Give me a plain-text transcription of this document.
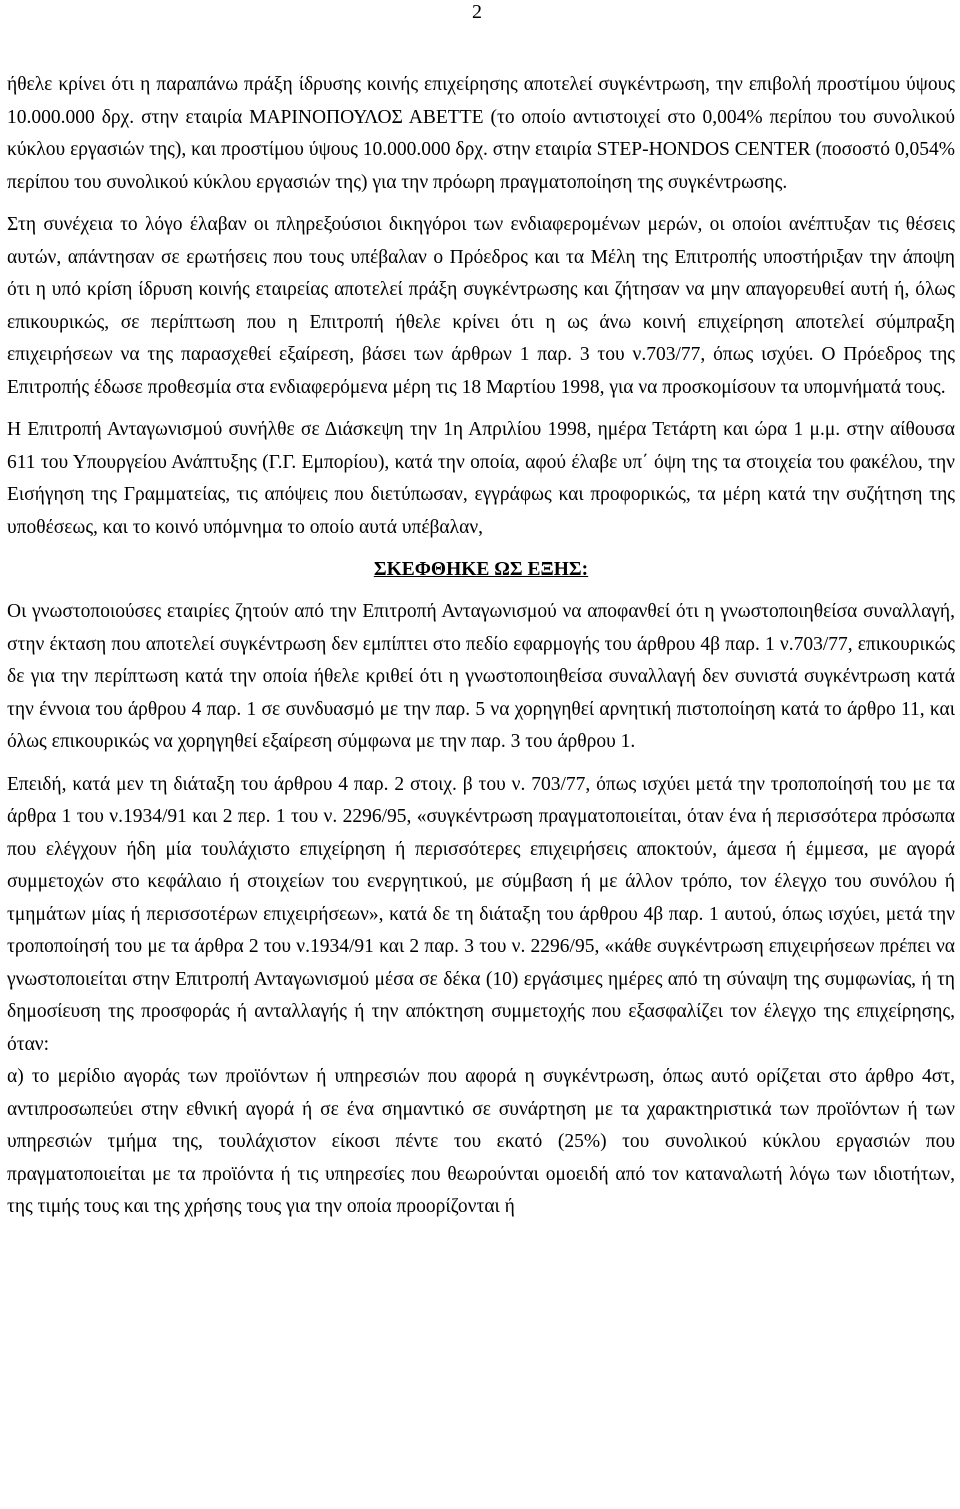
2

ήθελε κρίνει ότι η παραπάνω πράξη ίδρυσης κοινής επιχείρησης αποτελεί συγκέντρωση, την επιβολή προστίμου ύψους 10.000.000 δρχ. στην εταιρία ΜΑΡΙΝΟΠΟΥΛΟΣ ΑΒΕΤΤΕ (το οποίο αντιστοιχεί στο 0,004% περίπου του συνολικού κύκλου εργασιών της), και προστίμου ύψους 10.000.000 δρχ. στην εταιρία STEP-HONDOS CENTER (ποσοστό 0,054% περίπου του συνολικού κύκλου εργασιών της) για την πρόωρη πραγματοποίηση της συγκέντρωσης.

Στη συνέχεια το λόγο έλαβαν οι πληρεξούσιοι δικηγόροι των ενδιαφερομένων μερών, οι οποίοι ανέπτυξαν τις θέσεις αυτών, απάντησαν σε ερωτήσεις που τους υπέβαλαν ο Πρόεδρος και τα Μέλη της Επιτροπής υποστήριξαν την άποψη ότι η υπό κρίση ίδρυση κοινής εταιρείας αποτελεί πράξη συγκέντρωσης και ζήτησαν να μην απαγορευθεί αυτή ή, όλως επικουρικώς, σε περίπτωση που η Επιτροπή ήθελε κρίνει ότι η ως άνω κοινή επιχείρηση αποτελεί σύμπραξη επιχειρήσεων να της παρασχεθεί εξαίρεση, βάσει των άρθρων 1 παρ. 3 του ν.703/77, όπως ισχύει. Ο Πρόεδρος της Επιτροπής έδωσε προθεσμία στα ενδιαφερόμενα μέρη τις 18 Μαρτίου 1998, για να προσκομίσουν τα υπομνήματά τους.

Η Επιτροπή Ανταγωνισμού συνήλθε σε Διάσκεψη την 1η Απριλίου 1998, ημέρα Τετάρτη και ώρα 1 μ.μ. στην αίθουσα 611 του Υπουργείου Ανάπτυξης (Γ.Γ. Εμπορίου), κατά την οποία, αφού έλαβε υπ΄ όψη της τα στοιχεία του φακέλου, την Εισήγηση της Γραμματείας, τις απόψεις που διετύπωσαν, εγγράφως και προφορικώς, τα μέρη κατά την συζήτηση της υποθέσεως, και το κοινό υπόμνημα το οποίο αυτά υπέβαλαν,

ΣΚΕΦΘΗΚΕ ΩΣ ΕΞΗΣ:

Οι γνωστοποιούσες εταιρίες ζητούν από την Επιτροπή Ανταγωνισμού να αποφανθεί ότι η γνωστοποιηθείσα συναλλαγή, στην έκταση που αποτελεί συγκέντρωση δεν εμπίπτει στο πεδίο εφαρμογής του άρθρου 4β παρ. 1 ν.703/77, επικουρικώς δε για την περίπτωση κατά την οποία ήθελε κριθεί ότι η γνωστοποιηθείσα συναλλαγή δεν συνιστά συγκέντρωση κατά την έννοια του άρθρου 4 παρ. 1 σε συνδυασμό με την παρ. 5 να χορηγηθεί αρνητική πιστοποίηση κατά το άρθρο 11, και όλως επικουρικώς να χορηγηθεί εξαίρεση σύμφωνα με την παρ. 3 του άρθρου 1.

Επειδή, κατά μεν τη διάταξη του άρθρου 4 παρ. 2 στοιχ. β του ν. 703/77, όπως ισχύει μετά την τροποποίησή του με τα άρθρα 1 του ν.1934/91 και 2 περ. 1 του ν. 2296/95, «συγκέντρωση πραγματοποιείται, όταν ένα ή περισσότερα πρόσωπα που ελέγχουν ήδη μία τουλάχιστο επιχείρηση ή περισσότερες επιχειρήσεις αποκτούν, άμεσα ή έμμεσα, με αγορά συμμετοχών στο κεφάλαιο ή στοιχείων του ενεργητικού, με σύμβαση ή με άλλον τρόπο, τον έλεγχο του συνόλου ή τμημάτων μίας ή περισσοτέρων επιχειρήσεων», κατά δε τη διάταξη του άρθρου 4β παρ. 1 αυτού, όπως ισχύει, μετά την τροποποίησή του με τα άρθρα 2 του ν.1934/91 και 2 παρ. 3 του ν. 2296/95, «κάθε συγκέντρωση επιχειρήσεων πρέπει να γνωστοποιείται στην Επιτροπή Ανταγωνισμού μέσα σε δέκα (10) εργάσιμες ημέρες από τη σύναψη της συμφωνίας, ή τη δημοσίευση της προσφοράς ή ανταλλαγής ή την απόκτηση συμμετοχής που εξασφαλίζει τον έλεγχο της επιχείρησης, όταν:

α) το μερίδιο αγοράς των προϊόντων ή υπηρεσιών που αφορά η συγκέντρωση, όπως αυτό ορίζεται στο άρθρο 4στ, αντιπροσωπεύει στην εθνική αγορά ή σε ένα σημαντικό σε συνάρτηση με τα χαρακτηριστικά των προϊόντων ή των υπηρεσιών τμήμα της, τουλάχιστον είκοσι πέντε του εκατό (25%) του συνολικού κύκλου εργασιών που πραγματοποιείται με τα προϊόντα ή τις υπηρεσίες που θεωρούνται ομοειδή από τον καταναλωτή λόγω των ιδιοτήτων, της τιμής τους και της χρήσης τους για την οποία προορίζονται ή
